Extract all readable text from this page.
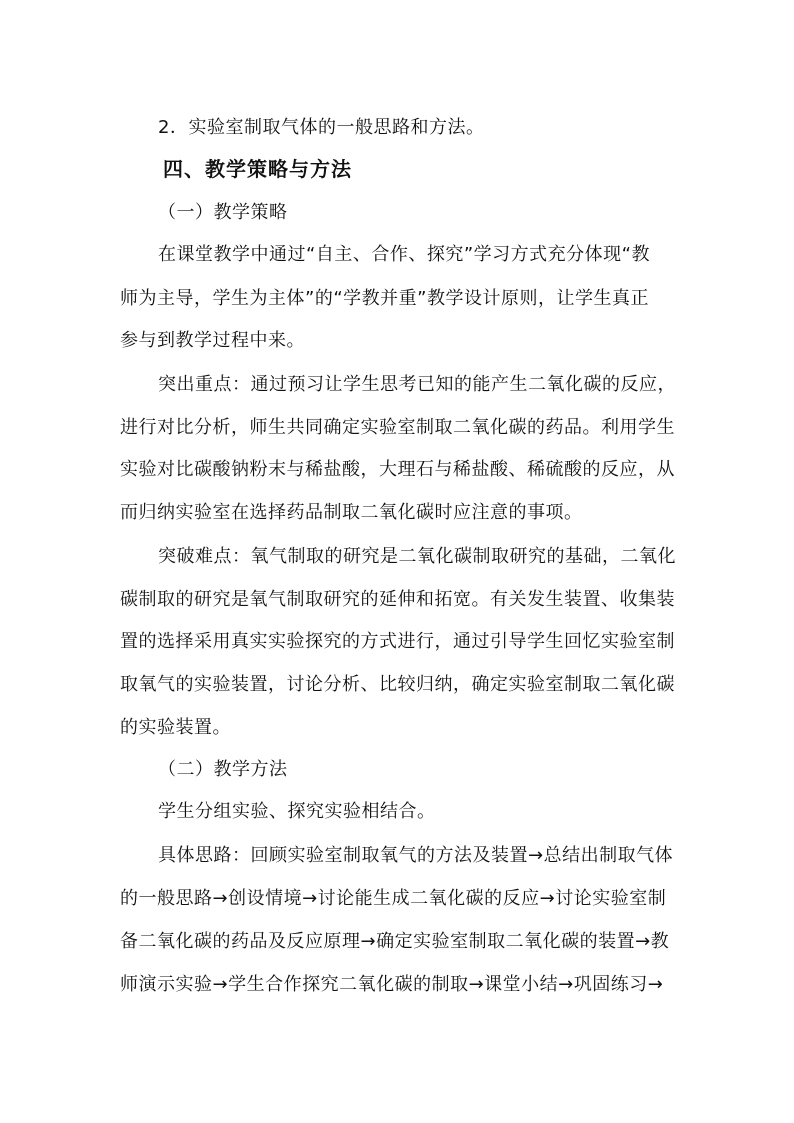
2．实验室制取气体的一般思路和方法。
四、教学策略与方法
（一）教学策略
在课堂教学中通过“自主、合作、探究”学习方式充分体现“教
师为主导，学生为主体”的“学教并重”教学设计原则，让学生真正
参与到教学过程中来。
突出重点：通过预习让学生思考已知的能产生二氧化碳的反应，
进行对比分析，师生共同确定实验室制取二氧化碳的药品。利用学生
实验对比碳酸钠粉末与稀盐酸，大理石与稀盐酸、稀硫酸的反应，从
而归纳实验室在选择药品制取二氧化碳时应注意的事项。
突破难点：氧气制取的研究是二氧化碳制取研究的基础，二氧化
碳制取的研究是氧气制取研究的延伸和拓宽。有关发生装置、收集装
置的选择采用真实实验探究的方式进行，通过引导学生回忆实验室制
取氧气的实验装置，讨论分析、比较归纳，确定实验室制取二氧化碳
的实验装置。
（二）教学方法
学生分组实验、探究实验相结合。
具体思路：回顾实验室制取氧气的方法及装置→总结出制取气体
的一般思路→创设情境→讨论能生成二氧化碳的反应→讨论实验室制
备二氧化碳的药品及反应原理→确定实验室制取二氧化碳的装置→教
师演示实验→学生合作探究二氧化碳的制取→课堂小结→巩固练习→
